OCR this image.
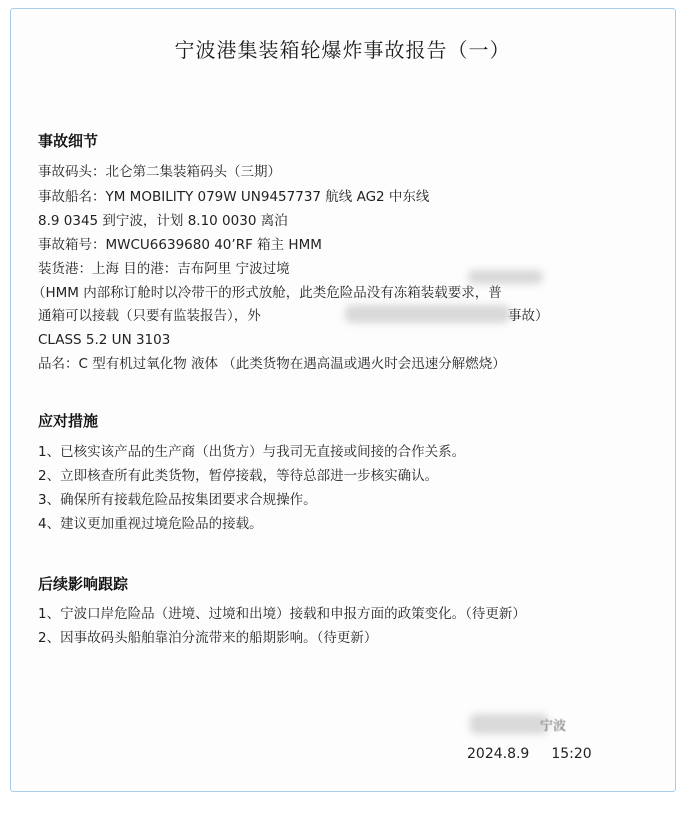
宁波港集装箱轮爆炸事故报告（一）
事故细节
事故码头：北仑第二集装箱码头（三期）
事故船名：YM MOBILITY 079W UN9457737 航线 AG2 中东线
8.9 0345 到宁波，计划 8.10 0030 离泊
事故箱号：MWCU6639680 40’RF 箱主 HMM
装货港：上海 目的港：吉布阿里 宁波过境
（HMM 内部称订舱时以冷带干的形式放舱，此类危险品没有冻箱装载要求，普
通箱可以接载（只要有监装报告），外	事故）
CLASS 5.2 UN 3103
品名：C 型有机过氧化物 液体 （此类货物在遇高温或遇火时会迅速分解燃烧）
应对措施
1、已核实该产品的生产商（出货方）与我司无直接或间接的合作关系。
2、立即核查所有此类货物，暂停接载，等待总部进一步核实确认。
3、确保所有接载危险品按集团要求合规操作。
4、建议更加重视过境危险品的接载。
后续影响跟踪
1、宁波口岸危险品（进境、过境和出境）接载和申报方面的政策变化。（待更新）
2、因事故码头船舶靠泊分流带来的船期影响。（待更新）
宁波
2024.8.9 15:20
